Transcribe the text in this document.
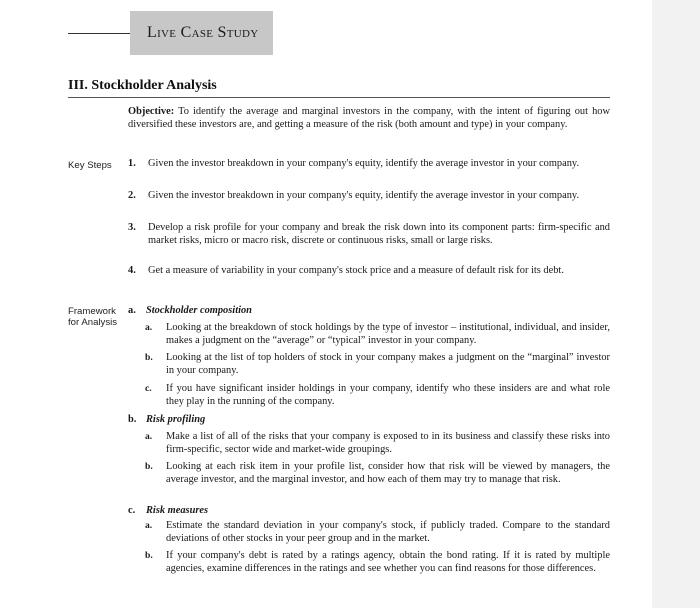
Live Case Study
III. Stockholder Analysis
Objective: To identify the average and marginal investors in the company, with the intent of figuring out how diversified these investors are, and getting a measure of the risk (both amount and type) in your company.
Key Steps 1. Given the investor breakdown in your company's equity, identify the average investor in your company.
2. Given the investor breakdown in your company's equity, identify the average investor in your company.
3. Develop a risk profile for your company and break the risk down into its component parts: firm-specific and market risks, micro or macro risk, discrete or continuous risks, small or large risks.
4. Get a measure of variability in your company's stock price and a measure of default risk for its debt.
Framework
for Analysis
a. Stockholder composition
a. Looking at the breakdown of stock holdings by the type of investor – institutional, individual, and insider, makes a judgment on the “average” or “typical” investor in your company.
b. Looking at the list of top holders of stock in your company makes a judgment on the “marginal” investor in your company.
c. If you have significant insider holdings in your company, identify who these insiders are and what role they play in the running of the company.
b. Risk profiling
a. Make a list of all of the risks that your company is exposed to in its business and classify these risks into firm-specific, sector wide and market-wide groupings.
b. Looking at each risk item in your profile list, consider how that risk will be viewed by managers, the average investor, and the marginal investor, and how each of them may try to manage that risk.
c. Risk measures
a. Estimate the standard deviation in your company's stock, if publicly traded. Compare to the standard deviations of other stocks in your peer group and in the market.
b. If your company's debt is rated by a ratings agency, obtain the bond rating. If it is rated by multiple agencies, examine differences in the ratings and see whether you can find reasons for those differences.
